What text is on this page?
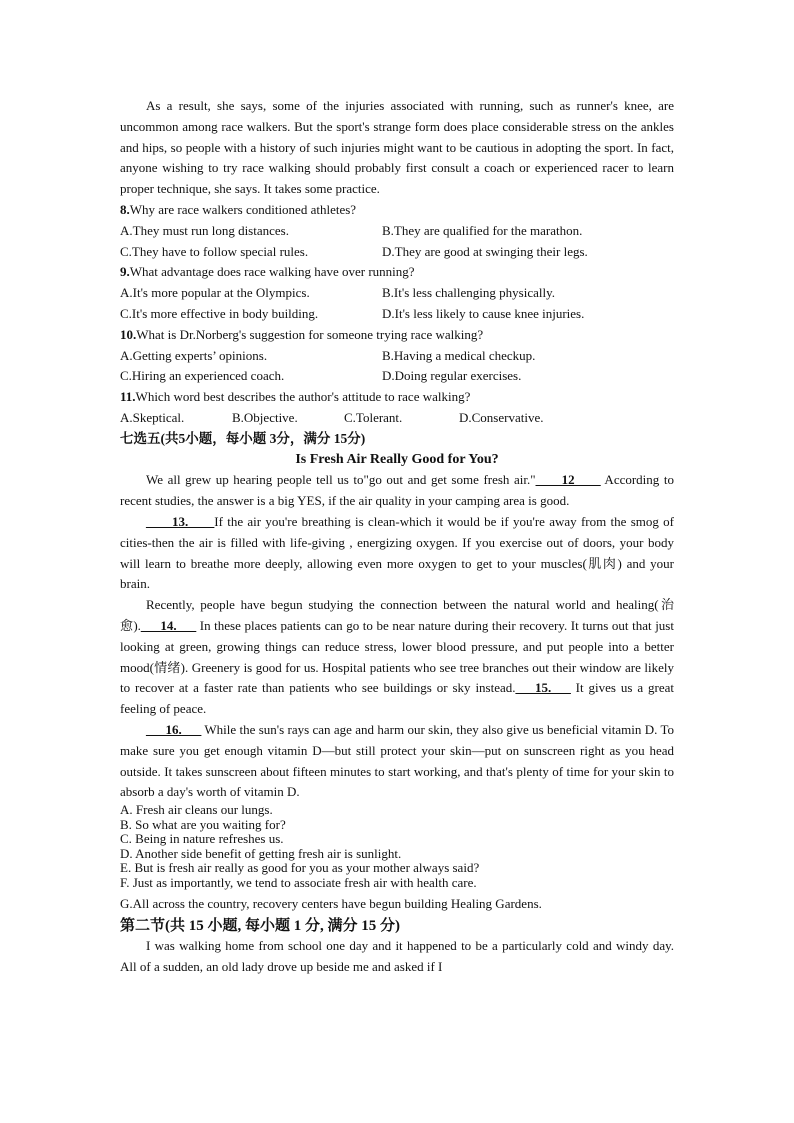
As a result, she says, some of the injuries associated with running, such as runner's knee, are uncommon among race walkers. But the sport's strange form does place considerable stress on the ankles and hips, so people with a history of such injuries might want to be cautious in adopting the sport. In fact, anyone wishing to try race walking should probably first consult a coach or experienced racer to learn proper technique, she says. It takes some practice.

8.Why are race walkers conditioned athletes?
A.They must run long distances.	B.They are qualified for the marathon.
C.They have to follow special rules.	D.They are good at swinging their legs.
9.What advantage does race walking have over running?
A.It's more popular at the Olympics.	B.It's less challenging physically.
C.It's more effective in body building.	D.It's less likely to cause knee injuries.
10.What is Dr.Norberg's suggestion for someone trying race walking?
A.Getting experts’ opinions.	B.Having a medical checkup.
C.Hiring an experienced coach.	D.Doing regular exercises.
11.Which word best describes the author's attitude to race walking?
A.Skeptical.	B.Objective.	C.Tolerant.	D.Conservative.
七选五(共5小题，每小题 3分，满分 15分)
Is Fresh Air Really Good for You?

We all grew up hearing people tell us to"go out and get some fresh air."____12____ According to recent studies, the answer is a big YES, if the air quality in your camping area is good.

____13.____If the air you're breathing is clean-which it would be if you're away from the smog of cities-then the air is filled with life-giving , energizing oxygen. If you exercise out of doors, your body will learn to breathe more deeply, allowing even more oxygen to get to your muscles(肌肉) and your brain.

Recently, people have begun studying the connection between the natural world and healing(治愈).___14.___ In these places patients can go to be near nature during their recovery. It turns out that just looking at green, growing things can reduce stress, lower blood pressure, and put people into a better mood(情绪). Greenery is good for us. Hospital patients who see tree branches out their window are likely to recover at a faster rate than patients who see buildings or sky instead.___15.___ It gives us a great feeling of peace.

___16.___ While the sun's rays can age and harm our skin, they also give us beneficial vitamin D. To make sure you get enough vitamin D—but still protect your skin—put on sunscreen right as you head outside. It takes sunscreen about fifteen minutes to start working, and that's plenty of time for your skin to absorb a day's worth of vitamin D.

A. Fresh air cleans our lungs.
B. So what are you waiting for?
C. Being in nature refreshes us.
D. Another side benefit of getting fresh air is sunlight.
E. But is fresh air really as good for you as your mother always said?
F. Just as importantly, we tend to associate fresh air with health care.
G.All across the country, recovery centers have begun building Healing Gardens.
第二节(共 15 小题, 每小题 1 分, 满分 15 分)

I was walking home from school one day and it happened to be a particularly cold and windy day. All of a sudden, an old lady drove up beside me and asked if I
